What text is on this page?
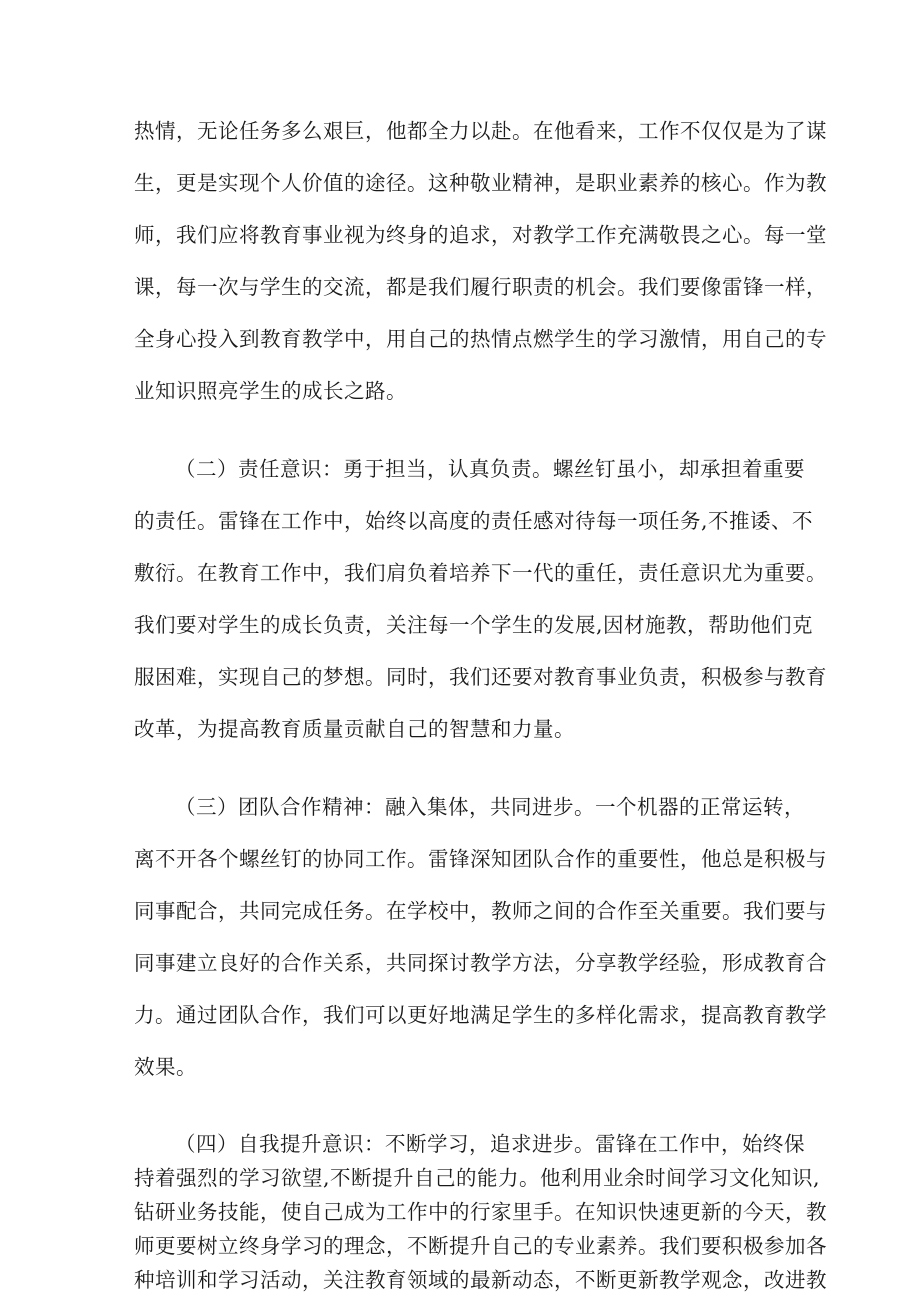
热情，无论任务多么艰巨，他都全力以赴。在他看来，工作不仅仅是为了谋
生，更是实现个人价值的途径。这种敬业精神，是职业素养的核心。作为教
师，我们应将教育事业视为终身的追求，对教学工作充满敬畏之心。每一堂
课，每一次与学生的交流，都是我们履行职责的机会。我们要像雷锋一样，
全身心投入到教育教学中，用自己的热情点燃学生的学习激情，用自己的专
业知识照亮学生的成长之路。
（二）责任意识：勇于担当，认真负责。螺丝钉虽小，却承担着重要
的责任。雷锋在工作中，始终以高度的责任感对待每一项任务,不推诿、不
敷衍。在教育工作中，我们肩负着培养下一代的重任，责任意识尤为重要。
我们要对学生的成长负责，关注每一个学生的发展,因材施教，帮助他们克
服困难，实现自己的梦想。同时，我们还要对教育事业负责，积极参与教育
改革，为提高教育质量贡献自己的智慧和力量。
（三）团队合作精神：融入集体，共同进步。一个机器的正常运转，
离不开各个螺丝钉的协同工作。雷锋深知团队合作的重要性，他总是积极与
同事配合，共同完成任务。在学校中，教师之间的合作至关重要。我们要与
同事建立良好的合作关系，共同探讨教学方法，分享教学经验，形成教育合
力。通过团队合作，我们可以更好地满足学生的多样化需求，提高教育教学
效果。
（四）自我提升意识：不断学习，追求进步。雷锋在工作中，始终保
持着强烈的学习欲望,不断提升自己的能力。他利用业余时间学习文化知识,
钻研业务技能，使自己成为工作中的行家里手。在知识快速更新的今天，教
师更要树立终身学习的理念，不断提升自己的专业素养。我们要积极参加各
种培训和学习活动，关注教育领域的最新动态，不断更新教学观念，改进教
